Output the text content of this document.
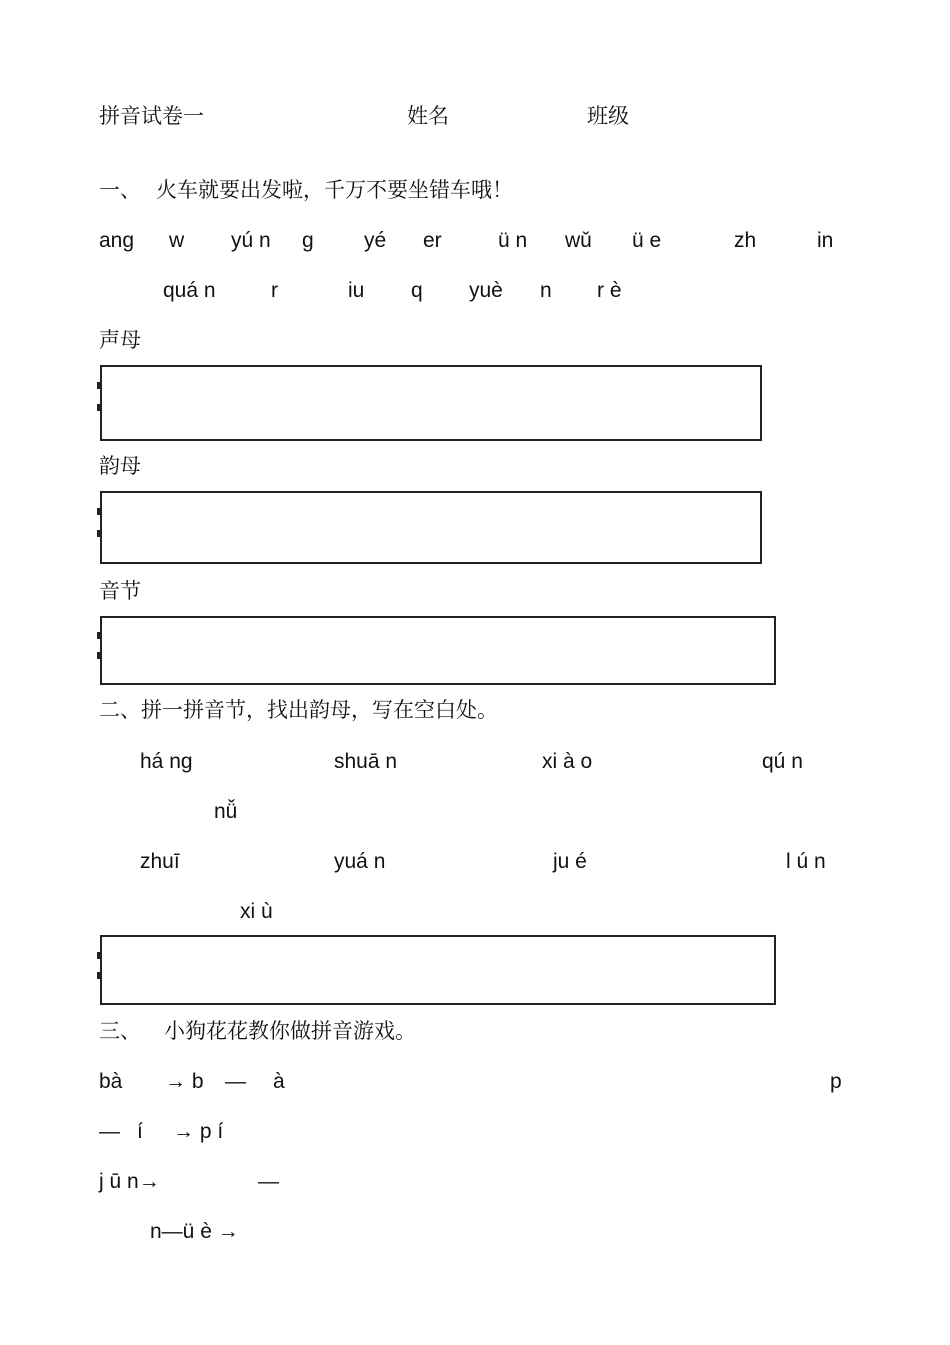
拼音试卷一	姓名	班级
一、 火车就要出发啦，千万不要坐错车哦！
ang w yú n g yé er	ü n wǔ ü e	zh	in
quá n	r	iu q yuè n r è
声母
韵母
音节
二、拼一拼音节，找出韵母，写在空白处。
há ng	shuā n	xi à o	qú n
nǚ
zhuī	yuá n	ju é	l ú n
xi ù
三、 小狗花花教你做拼音游戏。
bà → b — à	p
— í → p í
j ū n→	—
n—ü è →
